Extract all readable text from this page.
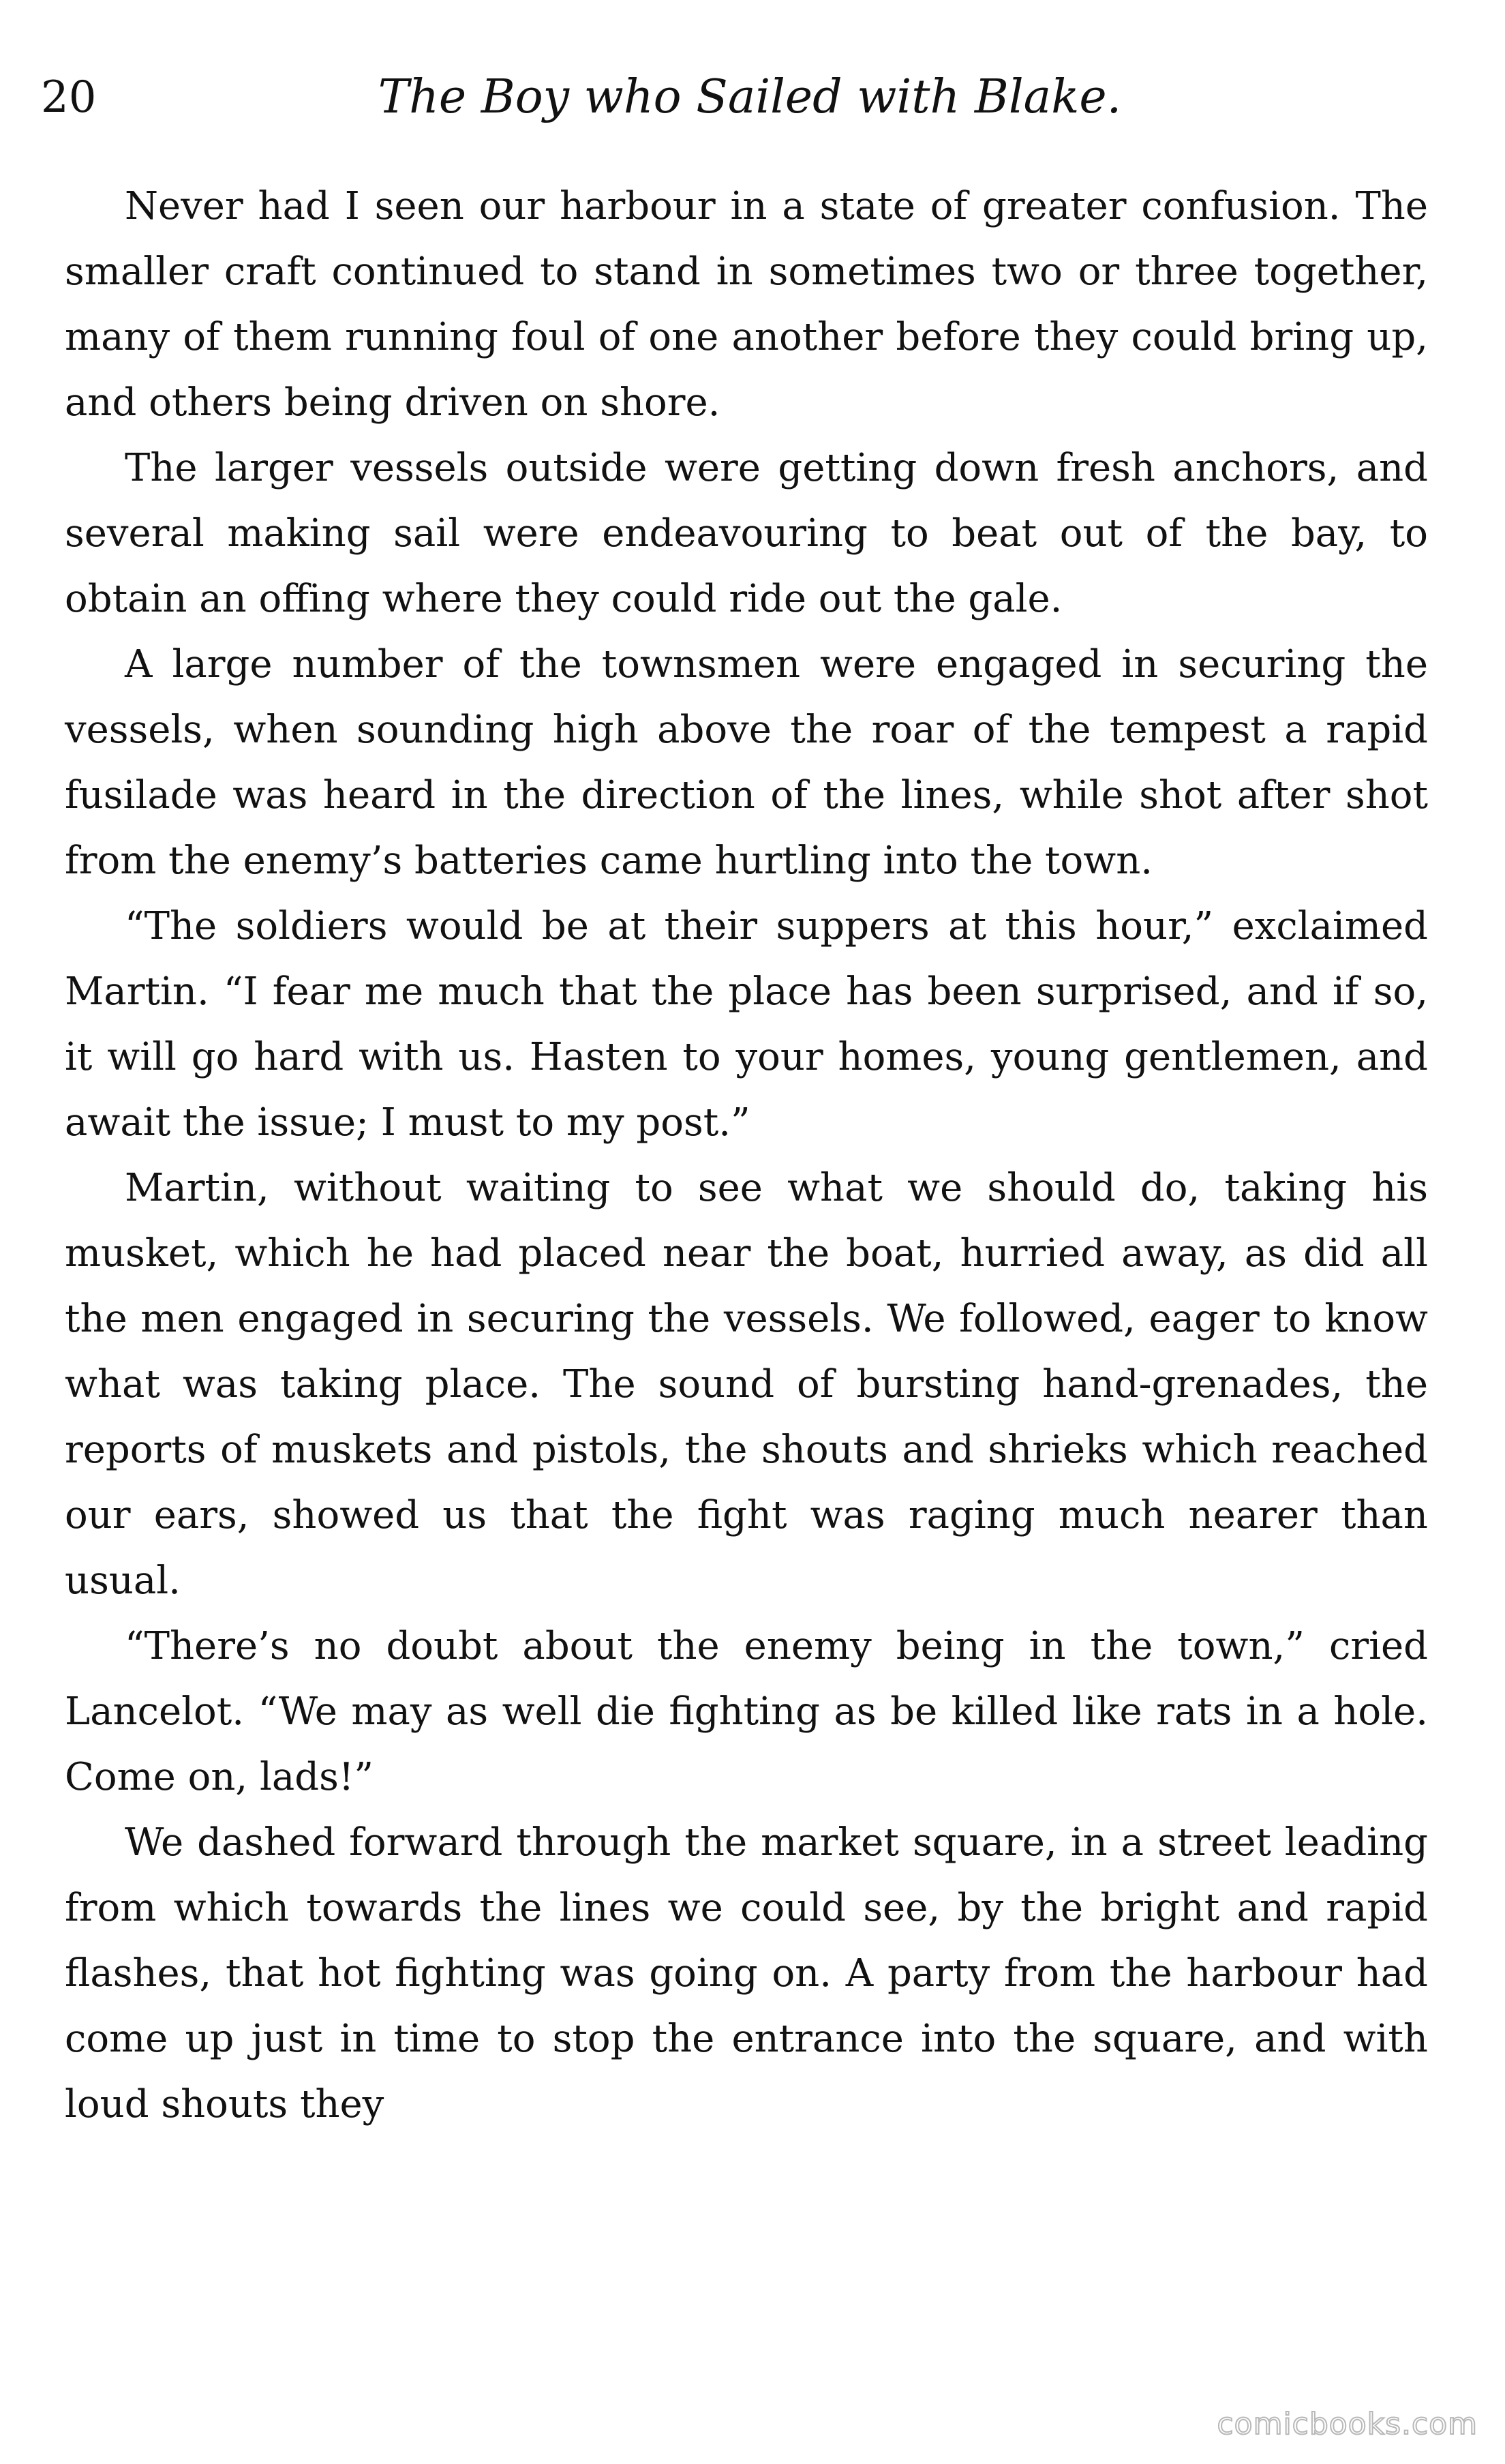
20	The Boy who Sailed with Blake.

Never had I seen our harbour in a state of greater confusion. The smaller craft continued to stand in sometimes two or three together, many of them running foul of one another before they could bring up, and others being driven on shore.

The larger vessels outside were getting down fresh anchors, and several making sail were endeavouring to beat out of the bay, to obtain an offing where they could ride out the gale.

A large number of the townsmen were engaged in securing the vessels, when sounding high above the roar of the tempest a rapid fusilade was heard in the direction of the lines, while shot after shot from the enemy’s batteries came hurtling into the town.

“The soldiers would be at their suppers at this hour,” exclaimed Martin. “I fear me much that the place has been surprised, and if so, it will go hard with us. Hasten to your homes, young gentlemen, and await the issue; I must to my post.”

Martin, without waiting to see what we should do, taking his musket, which he had placed near the boat, hurried away, as did all the men engaged in securing the vessels. We followed, eager to know what was taking place. The sound of bursting hand-grenades, the reports of muskets and pistols, the shouts and shrieks which reached our ears, showed us that the fight was raging much nearer than usual.

“There’s no doubt about the enemy being in the town,” cried Lancelot. “We may as well die fighting as be killed like rats in a hole. Come on, lads!”

We dashed forward through the market square, in a street leading from which towards the lines we could see, by the bright and rapid flashes, that hot fighting was going on. A party from the harbour had come up just in time to stop the entrance into the square, and with loud shouts they

comicbooks.com
